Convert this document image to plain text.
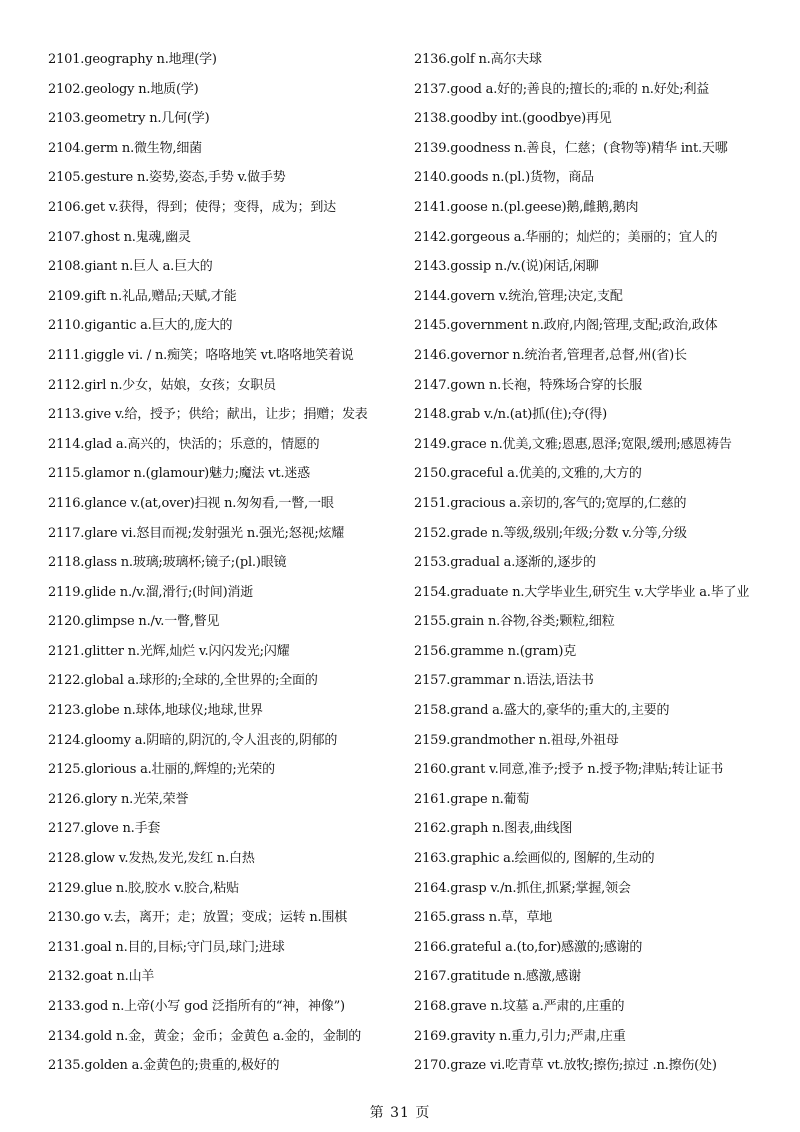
2101.geography n.地理(学)
2102.geology n.地质(学)
2103.geometry n.几何(学)
2104.germ n.微生物,细菌
2105.gesture n.姿势,姿态,手势 v.做手势
2106.get v.获得，得到；使得；变得，成为；到达
2107.ghost n.鬼魂,幽灵
2108.giant n.巨人 a.巨大的
2109.gift n.礼品,赠品;天赋,才能
2110.gigantic a.巨大的,庞大的
2111.giggle vi. / n.痴笑；咯咯地笑 vt.咯咯地笑着说
2112.girl n.少女，姑娘，女孩；女职员
2113.give v.给，授予；供给；献出，让步；捐赠；发表
2114.glad a.高兴的，快活的；乐意的，情愿的
2115.glamor n.(glamour)魅力;魔法 vt.迷惑
2116.glance v.(at,over)扫视 n.匆匆看,一瞥,一眼
2117.glare vi.怒目而视;发射强光 n.强光;怒视;炫耀
2118.glass n.玻璃;玻璃杯;镜子;(pl.)眼镜
2119.glide n./v.溜,滑行;(时间)消逝
2120.glimpse n./v.一瞥,瞥见
2121.glitter n.光辉,灿烂 v.闪闪发光;闪耀
2122.global a.球形的;全球的,全世界的;全面的
2123.globe n.球体,地球仪;地球,世界
2124.gloomy a.阴暗的,阴沉的,令人沮丧的,阴郁的
2125.glorious a.壮丽的,辉煌的;光荣的
2126.glory n.光荣,荣誉
2127.glove n.手套
2128.glow v.发热,发光,发红 n.白热
2129.glue n.胶,胶水 v.胶合,粘贴
2130.go v.去，离开；走；放置；变成；运转 n.围棋
2131.goal n.目的,目标;守门员,球门;进球
2132.goat n.山羊
2133.god n.上帝(小写 god 泛指所有的“神，神像”)
2134.gold n.金，黄金；金币；金黄色 a.金的，金制的
2135.golden a.金黄色的;贵重的,极好的
2136.golf n.高尔夫球
2137.good a.好的;善良的;擅长的;乖的 n.好处;利益
2138.goodby int.(goodbye)再见
2139.goodness n.善良，仁慈；(食物等)精华 int.天哪
2140.goods n.(pl.)货物，商品
2141.goose n.(pl.geese)鹅,雌鹅,鹅肉
2142.gorgeous a.华丽的；灿烂的；美丽的；宜人的
2143.gossip n./v.(说)闲话,闲聊
2144.govern v.统治,管理;决定,支配
2145.government n.政府,内阁;管理,支配;政治,政体
2146.governor n.统治者,管理者,总督,州(省)长
2147.gown n.长袍，特殊场合穿的长服
2148.grab v./n.(at)抓(住);夺(得)
2149.grace n.优美,文雅;恩惠,恩泽;宽限,缓刑;感恩祷告
2150.graceful a.优美的,文雅的,大方的
2151.gracious a.亲切的,客气的;宽厚的,仁慈的
2152.grade n.等级,级别;年级;分数 v.分等,分级
2153.gradual a.逐渐的,逐步的
2154.graduate n.大学毕业生,研究生 v.大学毕业 a.毕了业
2155.grain n.谷物,谷类;颗粒,细粒
2156.gramme n.(gram)克
2157.grammar n.语法,语法书
2158.grand a.盛大的,豪华的;重大的,主要的
2159.grandmother n.祖母,外祖母
2160.grant v.同意,准予;授予 n.授予物;津贴;转让证书
2161.grape n.葡萄
2162.graph n.图表,曲线图
2163.graphic a.绘画似的, 图解的,生动的
2164.grasp v./n.抓住,抓紧;掌握,领会
2165.grass n.草，草地
2166.grateful a.(to,for)感激的;感谢的
2167.gratitude n.感激,感谢
2168.grave n.坟墓 a.严肃的,庄重的
2169.gravity n.重力,引力;严肃,庄重
2170.graze vi.吃青草 vt.放牧;擦伤;掠过 .n.擦伤(处)
第 31 页
